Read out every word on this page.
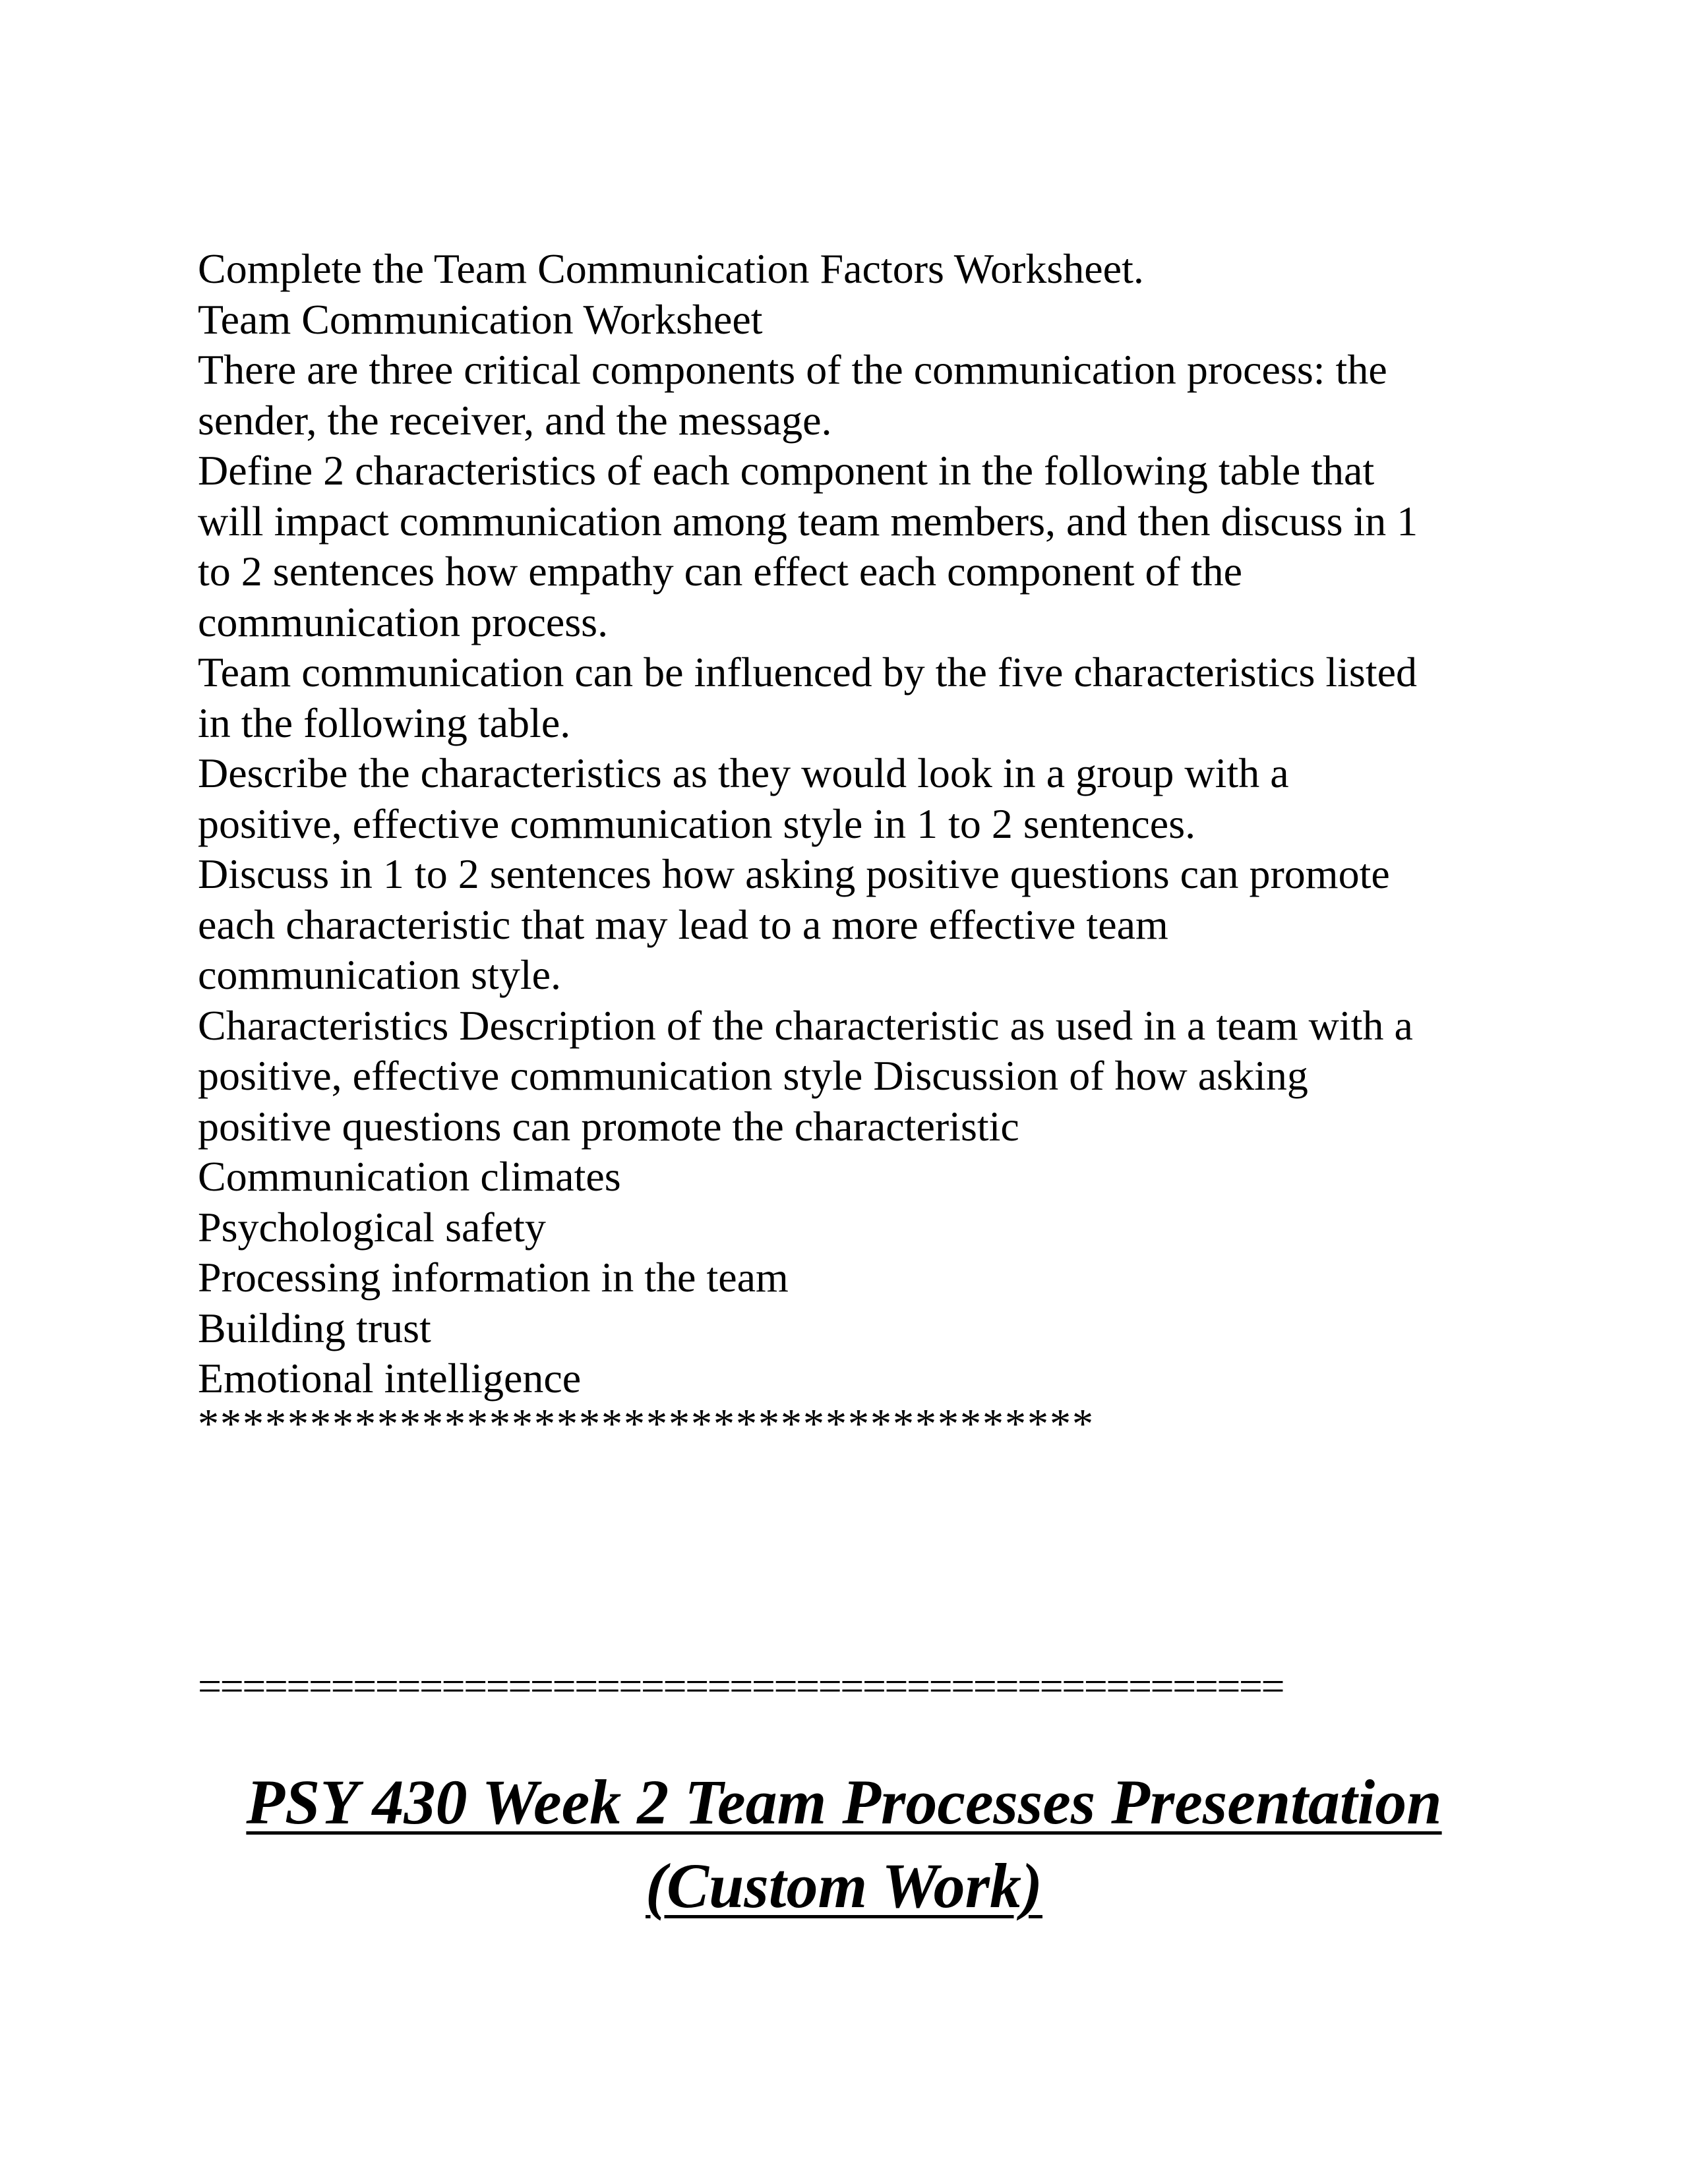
Complete the Team Communication Factors Worksheet.
Team Communication Worksheet
There are three critical components of the communication process: the
sender, the receiver, and the message.
Define 2 characteristics of each component in the following table that
will impact communication among team members, and then discuss in 1
to 2 sentences how empathy can effect each component of the
communication process.
Team communication can be influenced by the five characteristics listed
in the following table.
Describe the characteristics as they would look in a group with a
positive, effective communication style in 1 to 2 sentences.
Discuss in 1 to 2 sentences how asking positive questions can promote
each characteristic that may lead to a more effective team
communication style.
Characteristics Description of the characteristic as used in a team with a
positive, effective communication style Discussion of how asking
positive questions can promote the characteristic
Communication climates
Psychological safety
Processing information in the team
Building trust
Emotional intelligence
****************************************

=================================================

PSY 430 Week 2 Team Processes Presentation
(Custom Work)
